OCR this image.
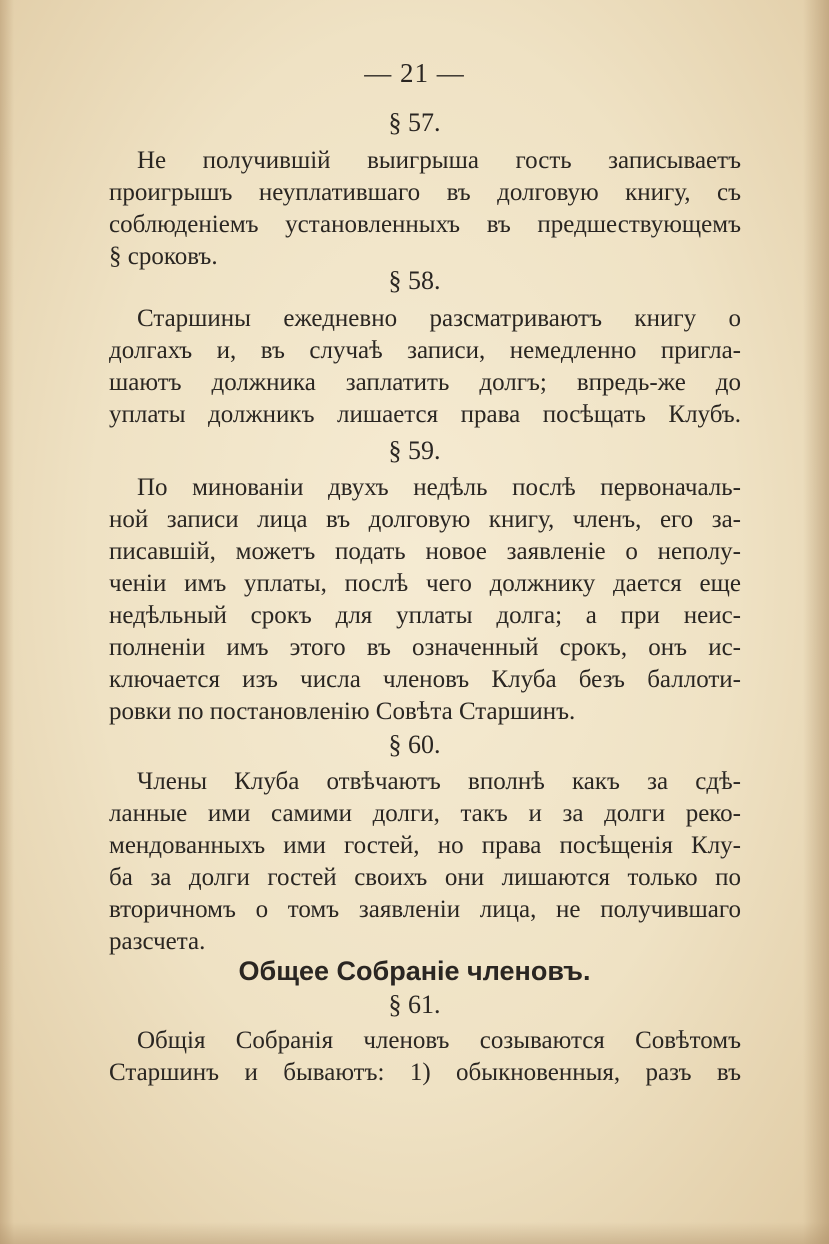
— 21 —
§ 57.
Не получившій выигрыша гость записываетъ
проигрышъ неуплатившаго въ долговую книгу, съ
соблюденіемъ установленныхъ въ предшествующемъ
§ сроковъ.
§ 58.
Старшины ежедневно разсматриваютъ книгу о
долгахъ и, въ случаѣ записи, немедленно пригла-
шаютъ должника заплатить долгъ; впредь-же до
уплаты должникъ лишается права посѣщать Клубъ.
§ 59.
По минованіи двухъ недѣль послѣ первоначаль-
ной записи лица въ долговую книгу, членъ, его за-
писавшій, можетъ подать новое заявленіе о неполу-
ченіи имъ уплаты, послѣ чего должнику дается еще
недѣльный срокъ для уплаты долга; а при неис-
полненіи имъ этого въ означенный срокъ, онъ ис-
ключается изъ числа членовъ Клуба безъ баллоти-
ровки по постановленію Совѣта Старшинъ.
§ 60.
Члены Клуба отвѣчаютъ вполнѣ какъ за сдѣ-
ланные ими самими долги, такъ и за долги реко-
мендованныхъ ими гостей, но права посѣщенія Клу-
ба за долги гостей своихъ они лишаются только по
вторичномъ о томъ заявленіи лица, не получившаго
разсчета.
Общее Собраніе членовъ.
§ 61.
Общія Собранія членовъ созываются Совѣтомъ
Старшинъ и бываютъ: 1) обыкновенныя, разъ въ
